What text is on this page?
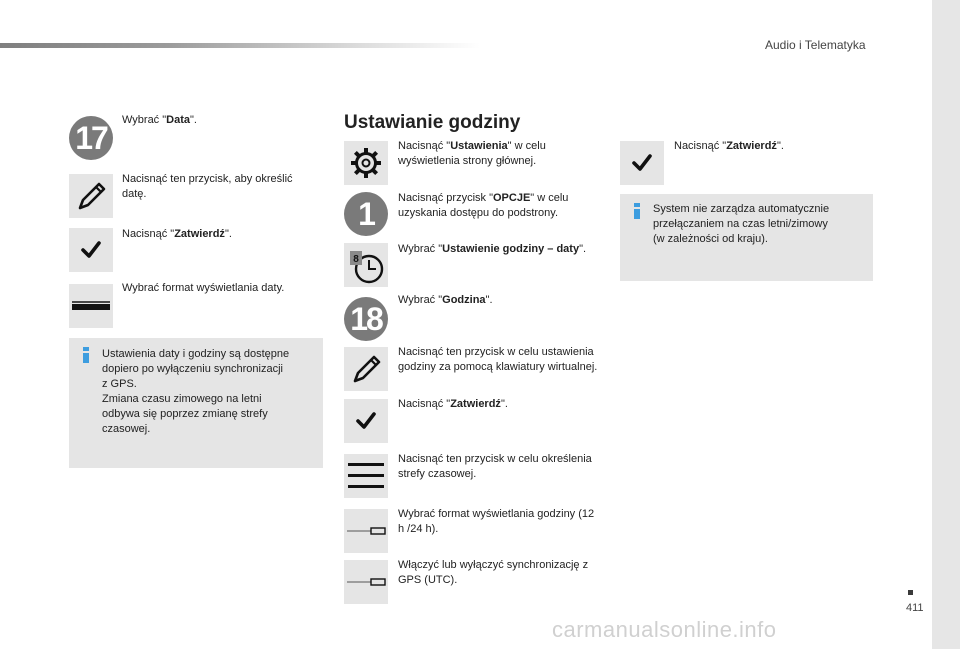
Audio i Telematyka
17	Wybrać "Data".
Nacisnąć ten przycisk, aby określić datę.
Nacisnąć "Zatwierdź".
Wybrać format wyświetlania daty.
Ustawienia daty i godziny są dostępne
dopiero po wyłączeniu synchronizacji
z GPS.
Zmiana czasu zimowego na letni
odbywa się poprzez zmianę strefy
czasowej.
Ustawianie godziny
Nacisnąć "Ustawienia" w celu wyświetlenia strony głównej.
1	Nacisnąć przycisk "OPCJE" w celu uzyskania dostępu do podstrony.
8
Wybrać "Ustawienie godziny – daty".
18
Wybrać "Godzina".
Nacisnąć ten przycisk w celu ustawienia godziny za pomocą klawiatury wirtualnej.
Nacisnąć "Zatwierdź".
Nacisnąć ten przycisk w celu określenia strefy czasowej.
Wybrać format wyświetlania godziny (12 h /24 h).
Włączyć lub wyłączyć synchronizację z GPS (UTC).
Nacisnąć "Zatwierdź".
System nie zarządza automatycznie
przełączaniem na czas letni/zimowy
(w zależności od kraju).
411
carmanualsonline.info
